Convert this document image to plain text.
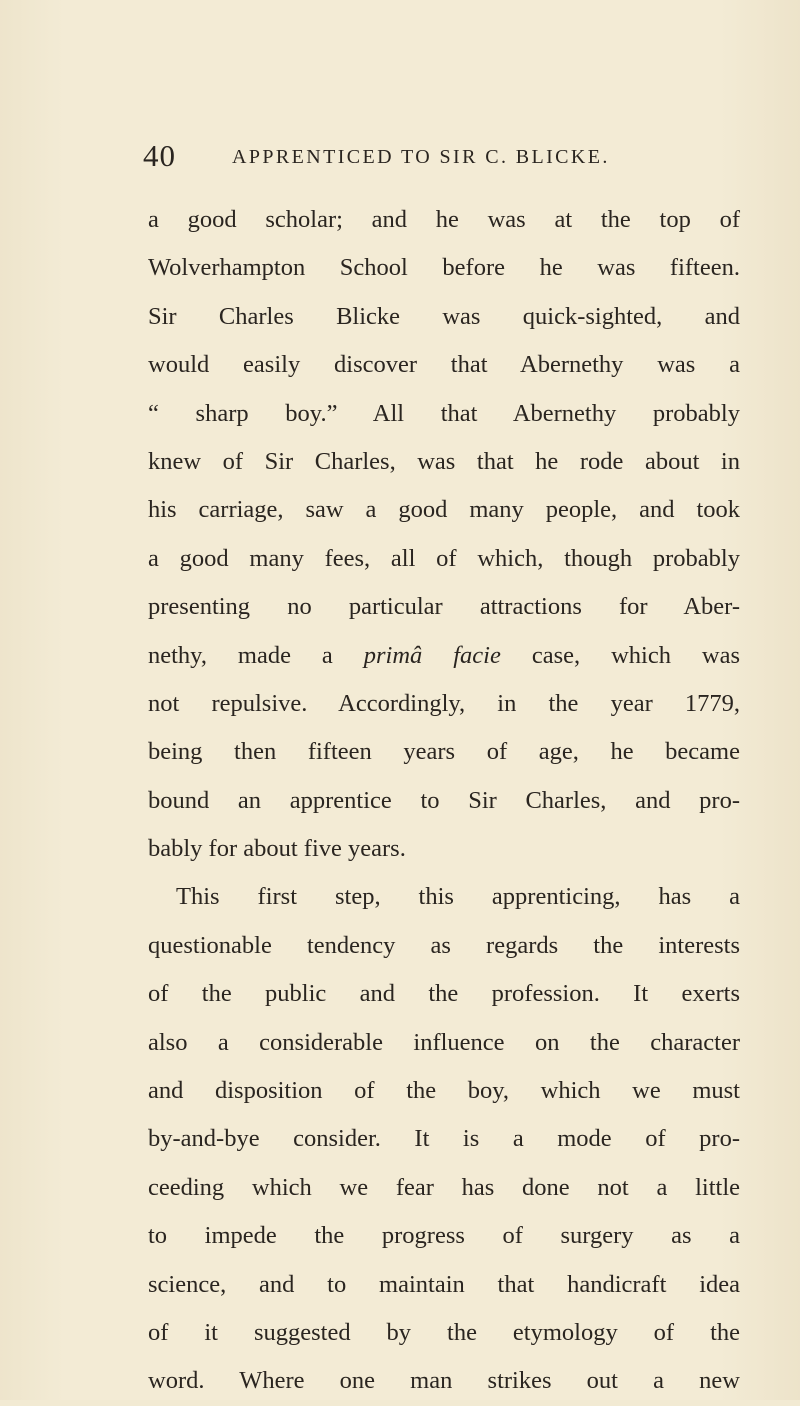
40	APPRENTICED TO SIR C. BLICKE.
a good scholar; and he was at the top of
Wolverhampton School before he was fifteen.
Sir Charles Blicke was quick-sighted, and
would easily discover that Abernethy was a
“ sharp boy.” All that Abernethy probably
knew of Sir Charles, was that he rode about in
his carriage, saw a good many people, and took
a good many fees, all of which, though probably
presenting no particular attractions for Aber-
nethy, made a primâ facie case, which was
not repulsive. Accordingly, in the year 1779,
being then fifteen years of age, he became
bound an apprentice to Sir Charles, and pro-
bably for about five years.
This first step, this apprenticing, has a
questionable tendency as regards the interests
of the public and the profession. It exerts
also a considerable influence on the character
and disposition of the boy, which we must
by-and-bye consider. It is a mode of pro-
ceeding which we fear has done not a little
to impede the progress of surgery as a
science, and to maintain that handicraft idea
of it suggested by the etymology of the
word. Where one man strikes out a new
